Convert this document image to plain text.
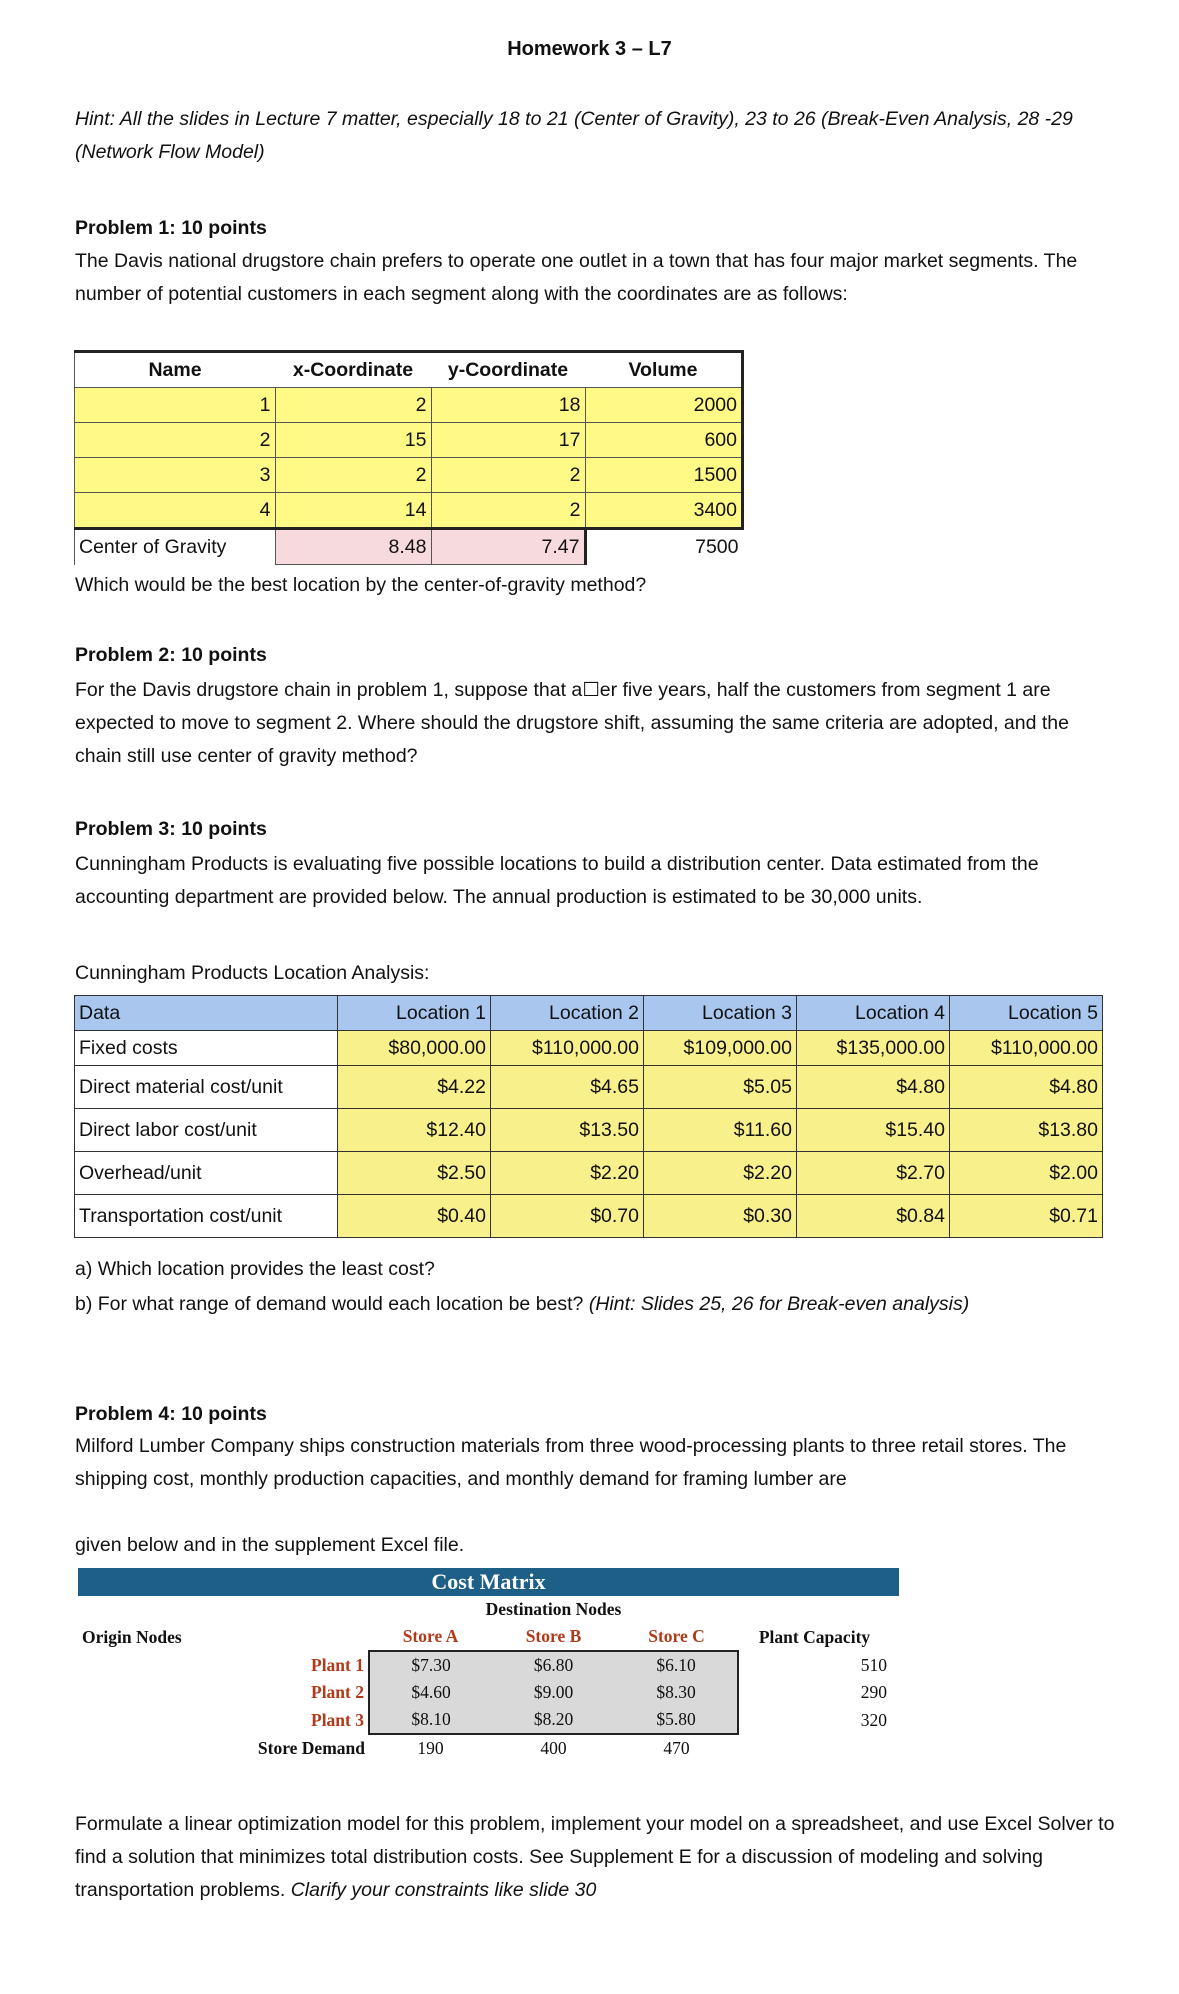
Homework 3 – L7
Hint: All the slides in Lecture 7 matter, especially 18 to 21 (Center of Gravity), 23 to 26 (Break-Even Analysis, 28 -29 (Network Flow Model)
Problem 1: 10 points
The Davis national drugstore chain prefers to operate one outlet in a town that has four major market segments. The number of potential customers in each segment along with the coordinates are as follows:
Name	x-Coordinate	y-Coordinate	Volume
1	2	18	2000
2	15	17	600
3	2	2	1500
4	14	2	3400
Center of Gravity	8.48	7.47	7500
Which would be the best location by the center-of-gravity method?
Problem 2: 10 points
For the Davis drugstore chain in problem 1, suppose that a☐er five years, half the customers from segment 1 are expected to move to segment 2. Where should the drugstore shift, assuming the same criteria are adopted, and the chain still use center of gravity method?
Problem 3: 10 points
Cunningham Products is evaluating five possible locations to build a distribution center. Data estimated from the accounting department are provided below. The annual production is estimated to be 30,000 units.
Cunningham Products Location Analysis:
Data	Location 1	Location 2	Location 3	Location 4	Location 5
Fixed costs	$80,000.00	$110,000.00	$109,000.00	$135,000.00	$110,000.00
Direct material cost/unit	$4.22	$4.65	$5.05	$4.80	$4.80
Direct labor cost/unit	$12.40	$13.50	$11.60	$15.40	$13.80
Overhead/unit	$2.50	$2.20	$2.20	$2.70	$2.00
Transportation cost/unit	$0.40	$0.70	$0.30	$0.84	$0.71
a) Which location provides the least cost?
b) For what range of demand would each location be best? (Hint: Slides 25, 26 for Break-even analysis)
Problem 4: 10 points
Milford Lumber Company ships construction materials from three wood-processing plants to three retail stores. The shipping cost, monthly production capacities, and monthly demand for framing lumber are
given below and in the supplement Excel file.
Cost Matrix					
	Destination Nodes				
Origin Nodes	Store A	Store B	Store C	Plant Capacity	
Plant 1	$7.30	$6.80	$6.10	510	
Plant 2	$4.60	$9.00	$8.30	290	
Plant 3	$8.10	$8.20	$5.80	320	
Store Demand	190	400	470		
Formulate a linear optimization model for this problem, implement your model on a spreadsheet, and use Excel Solver to find a solution that minimizes total distribution costs. See Supplement E for a discussion of modeling and solving transportation problems. Clarify your constraints like slide 30
